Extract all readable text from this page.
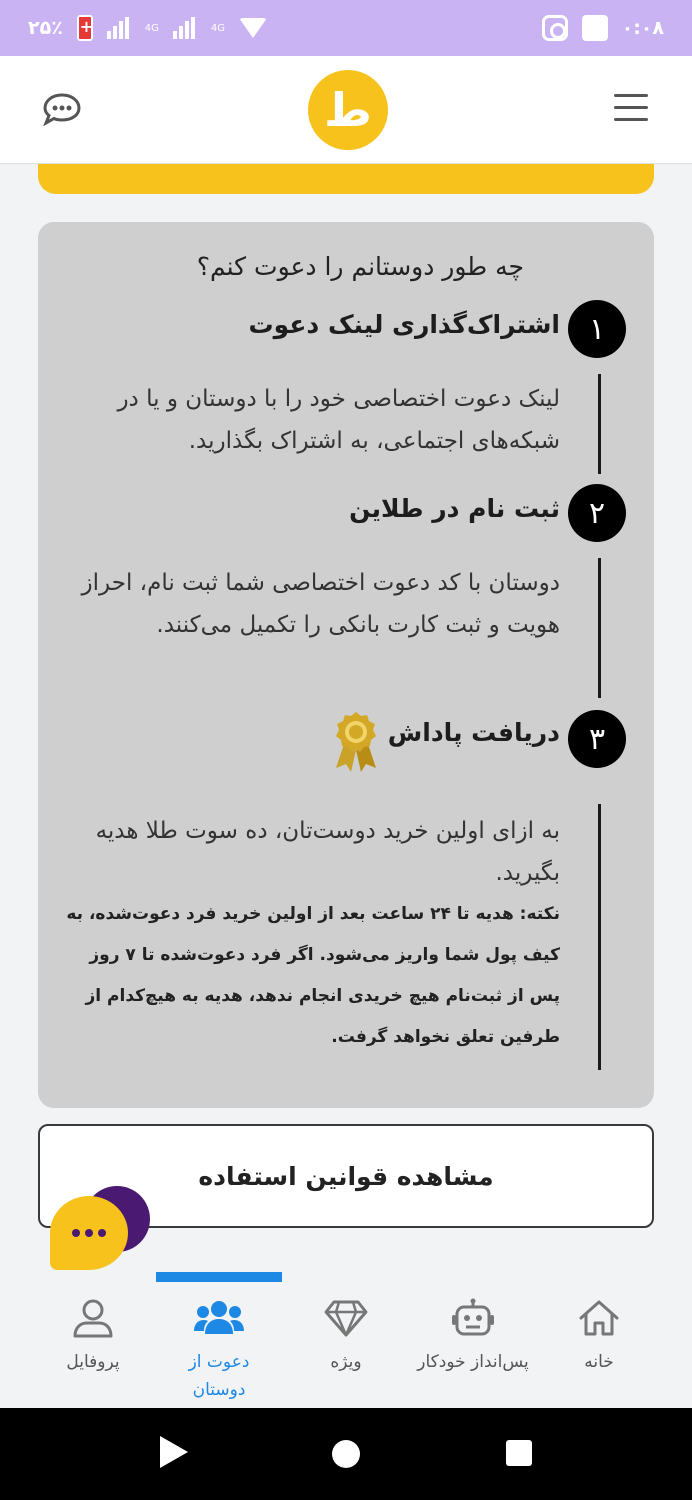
۲۵٪
+	4G	4G	۰:۰۸
ط
چه طور دوستانم را دعوت کنم؟
۱
اشتراک‌گذاری لینک دعوت
لینک دعوت اختصاصی خود را با دوستان و یا در شبکه‌های اجتماعی، به اشتراک بگذارید.
۲
ثبت نام در طلاین
دوستان با کد دعوت اختصاصی شما ثبت نام، احراز هویت و ثبت کارت بانکی را تکمیل می‌کنند.
۳
دریافت پاداش
به ازای اولین خرید دوست‌تان، ده سوت طلا هدیه بگیرید.
نکته: هدیه تا ۲۴ ساعت بعد از اولین خرید فرد دعوت‌شده، به کیف پول شما واریز می‌شود. اگر فرد دعوت‌شده تا ۷ روز پس از ثبت‌نام هیچ خریدی انجام ندهد، هدیه به هیچ‌کدام از طرفین تعلق نخواهد گرفت.
مشاهده قوانین استفاده
خانه
پس‌انداز خودکار
ویژه
دعوت از دوستان
پروفایل
